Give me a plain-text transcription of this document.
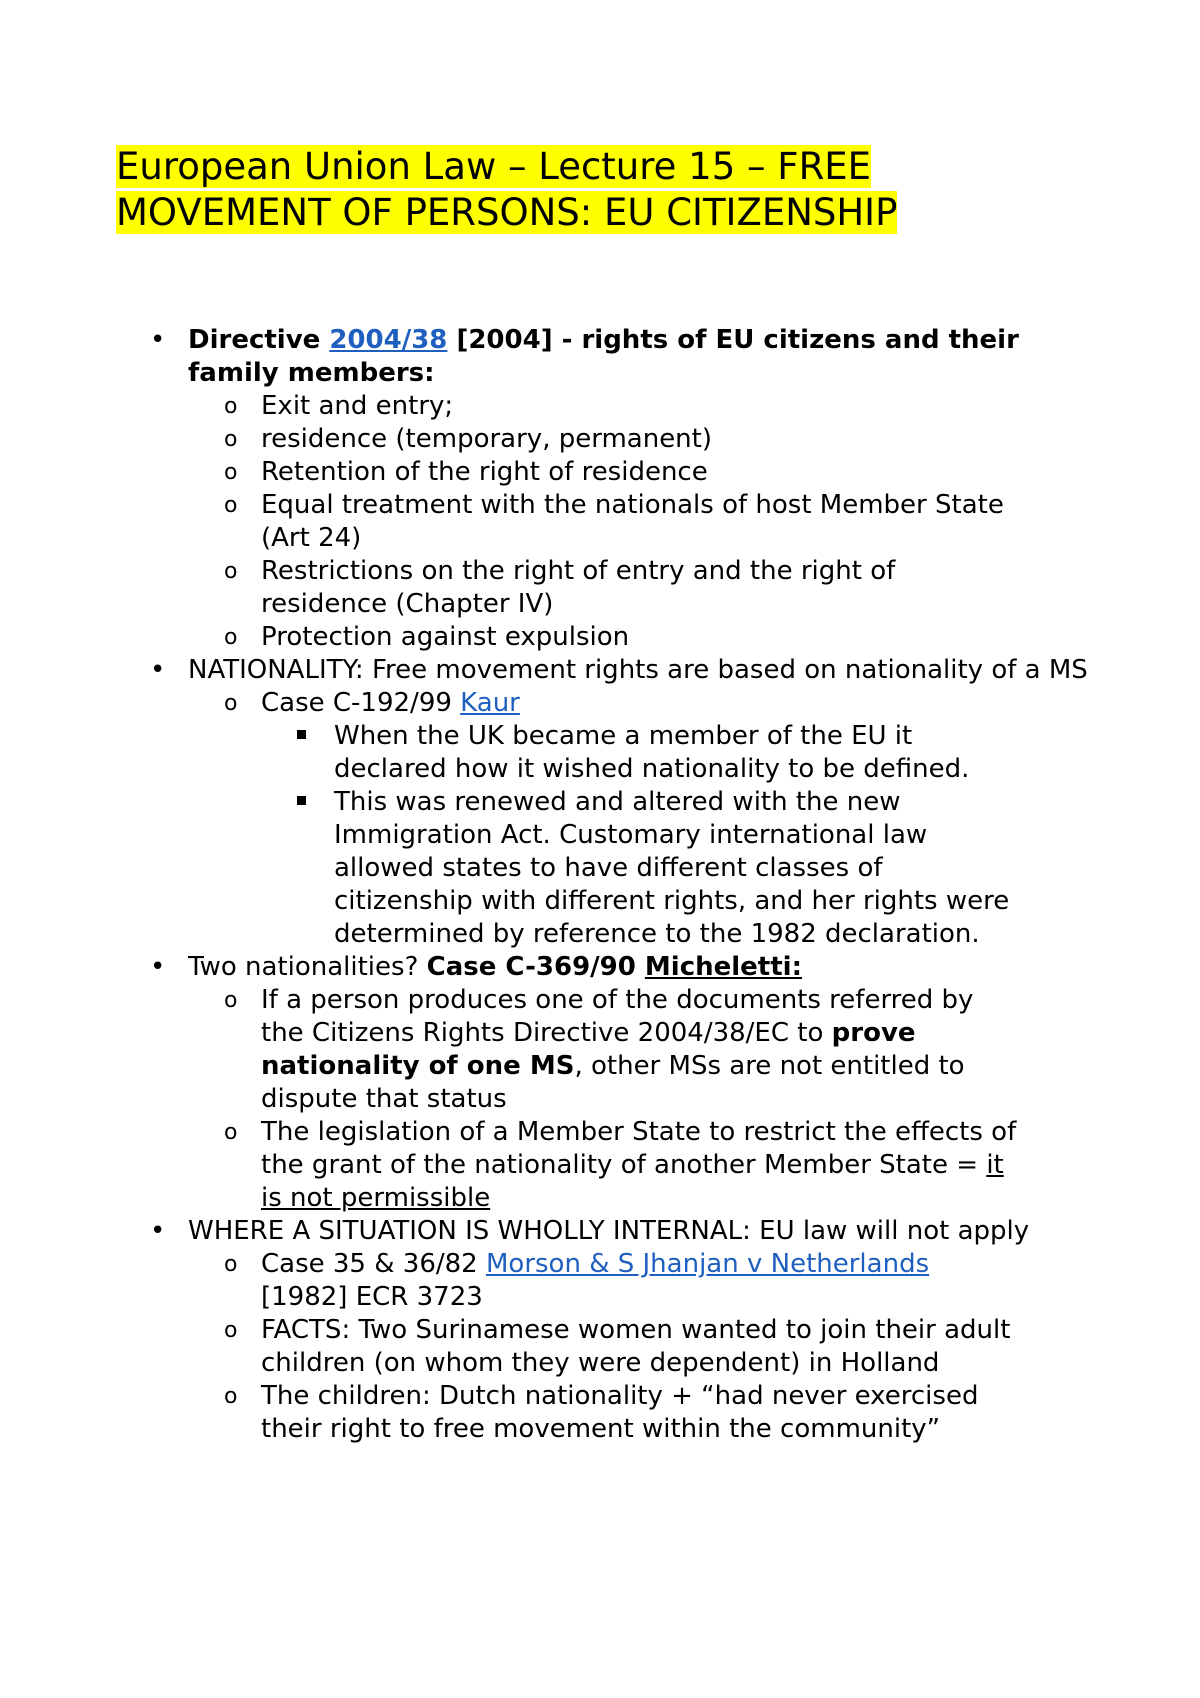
European Union Law – Lecture 15 – FREE
MOVEMENT OF PERSONS: EU CITIZENSHIP
• Directive 2004/38 [2004] - rights of EU citizens and their family members:
o Exit and entry;
o residence (temporary, permanent)
o Retention of the right of residence
o Equal treatment with the nationals of host Member State (Art 24)
o Restrictions on the right of entry and the right of residence (Chapter IV)
o Protection against expulsion
• NATIONALITY: Free movement rights are based on nationality of a MS
o Case C-192/99 Kaur
When the UK became a member of the EU it declared how it wished nationality to be defined.
This was renewed and altered with the new Immigration Act. Customary international law allowed states to have different classes of citizenship with different rights, and her rights were determined by reference to the 1982 declaration.
• Two nationalities? Case C-369/90 Micheletti:
o If a person produces one of the documents referred by the Citizens Rights Directive 2004/38/EC to prove nationality of one MS, other MSs are not entitled to dispute that status
o The legislation of a Member State to restrict the effects of the grant of the nationality of another Member State = it is not permissible
• WHERE A SITUATION IS WHOLLY INTERNAL: EU law will not apply
o Case 35 & 36/82 Morson & S Jhanjan v Netherlands [1982] ECR 3723
o FACTS: Two Surinamese women wanted to join their adult children (on whom they were dependent) in Holland
o The children: Dutch nationality + “had never exercised their right to free movement within the community”
